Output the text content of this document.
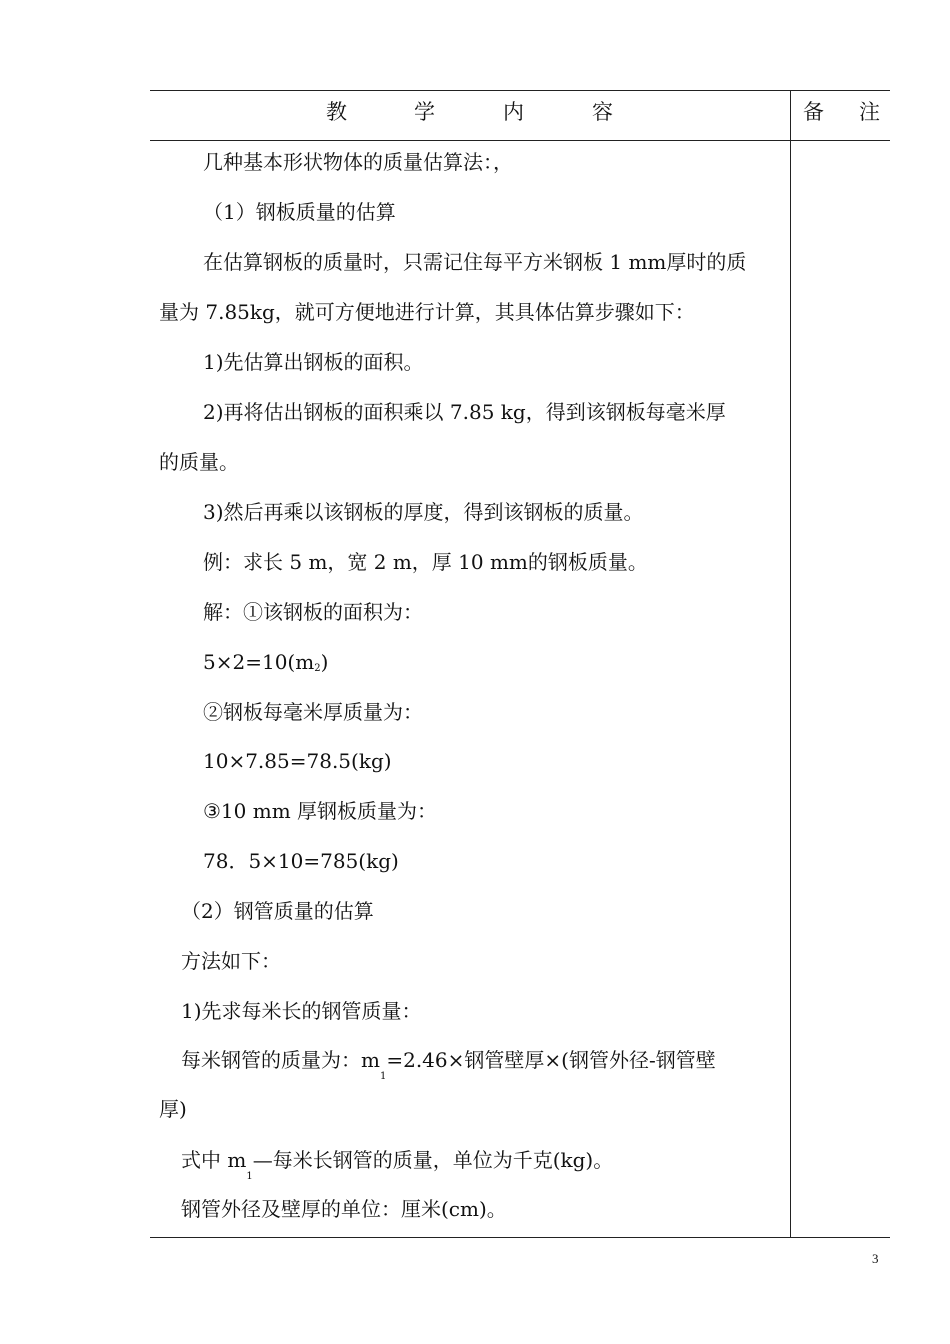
教	学	内	容	备 注
几种基本形状物体的质量估算法：，
（1）钢板质量的估算
在估算钢板的质量时，只需记住每平方米钢板 1 mm厚时的质
量为 7.85kg，就可方便地进行计算，其具体估算步骤如下：
1)先估算出钢板的面积。
2)再将估出钢板的面积乘以 7.85 kg，得到该钢板每毫米厚
的质量。
3)然后再乘以该钢板的厚度，得到该钢板的质量。
例：求长 5 m，宽 2 m，厚 10 mm的钢板质量。
解：①该钢板的面积为：
5×2=10(m2)
②钢板每毫米厚质量为：
10×7.85=78.5(kg)
③10 mm 厚钢板质量为：
78．5×10=785(kg)
（2）钢管质量的估算
方法如下：
1)先求每米长的钢管质量：
每米钢管的质量为：$m_1=2.46\times$钢管壁厚×(钢管外径-钢管壁
厚)
式中 $m_1—$每米长钢管的质量，单位为千克(kg)。
钢管外径及壁厚的单位：厘米(cm)。
3
